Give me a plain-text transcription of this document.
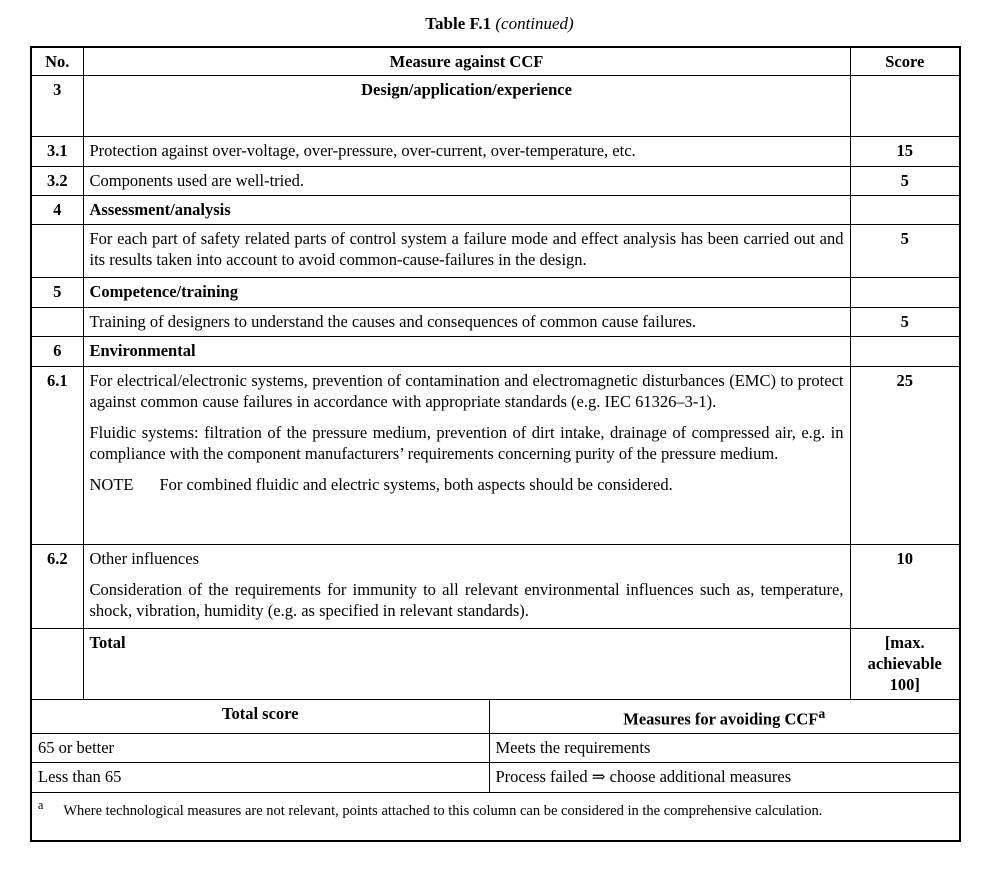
Table F.1 (continued)
No.	Measure against CCF		Score
3	Design/application/experience		
3.1	Protection against over-voltage, over-pressure, over-current, over-temperature, etc.		15
3.2	Components used are well-tried.		5
4	Assessment/analysis		
	For each part of safety related parts of control system a failure mode and effect analysis has been carried out and its results taken into account to avoid common-cause-failures in the design.		5
5	Competence/training		
	Training of designers to understand the causes and consequences of common cause failures.		5
6	Environmental		
6.1	For electrical/electronic systems, prevention of contamination and electromagnetic disturbances (EMC) to protect against common cause failures in accordance with appropriate standards (e.g. IEC 61326–3-1).

Fluidic systems: filtration of the pressure medium, prevention of dirt intake, drainage of compressed air, e.g. in compliance with the component manufacturers’ requirements concerning purity of the pressure medium.

NOTE For combined fluidic and electric systems, both aspects should be considered.		25
6.2	Other influences

Consideration of the requirements for immunity to all relevant environmental influences such as, temperature, shock, vibration, humidity (e.g. as specified in relevant standards).		10
	Total		[max. achievable 100]
Total score		Measures for avoiding CCF$^a$
65 or better		Meets the requirements	
Less than 65		Process failed ⇒ choose additional measures	
$^a$ Where technological measures are not relevant, points attached to this column can be considered in the comprehensive calculation.			
